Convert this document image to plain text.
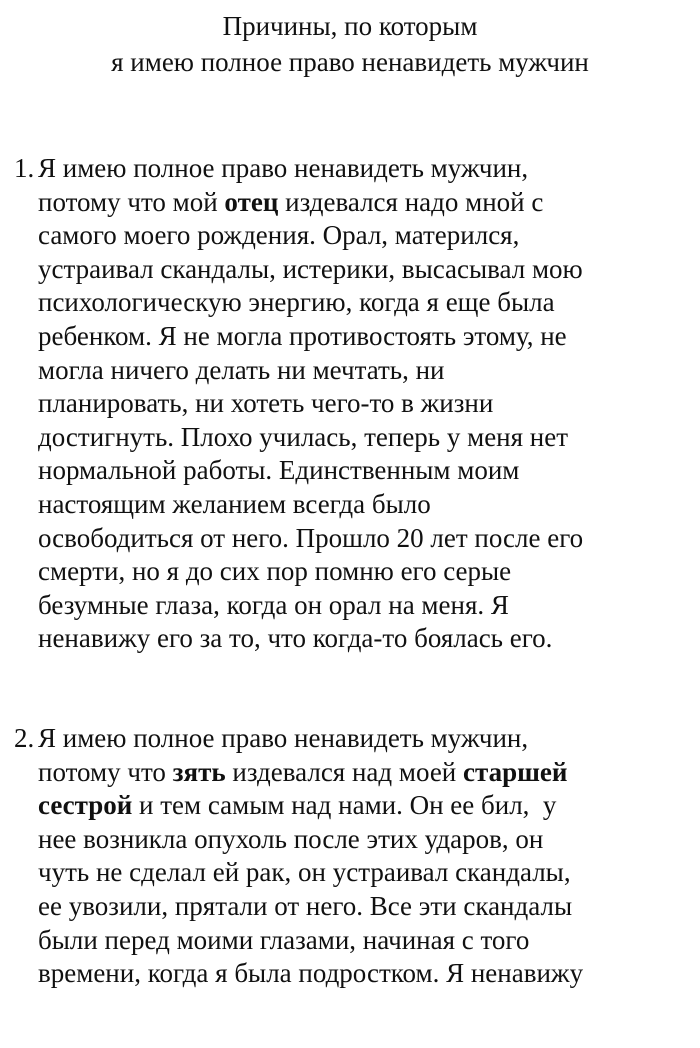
Причины, по которым
я имею полное право ненавидеть мужчин
1. Я имею полное право ненавидеть мужчин,
потому что мой отец издевался надо мной с
самого моего рождения. Орал, матерился,
устраивал скандалы, истерики, высасывал мою
психологическую энергию, когда я еще была
ребенком. Я не могла противостоять этому, не
могла ничего делать ни мечтать, ни
планировать, ни хотеть чего-то в жизни
достигнуть. Плохо училась, теперь у меня нет
нормальной работы. Единственным моим
настоящим желанием всегда было
освободиться от него. Прошло 20 лет после его
смерти, но я до сих пор помню его серые
безумные глаза, когда он орал на меня. Я
ненавижу его за то, что когда-то боялась его.
2. Я имею полное право ненавидеть мужчин,
потому что зять издевался над моей старшей
сестрой и тем самым над нами. Он ее бил,  у
нее возникла опухоль после этих ударов, он
чуть не сделал ей рак, он устраивал скандалы,
ее увозили, прятали от него. Все эти скандалы
были перед моими глазами, начиная с того
времени, когда я была подростком. Я ненавижу
